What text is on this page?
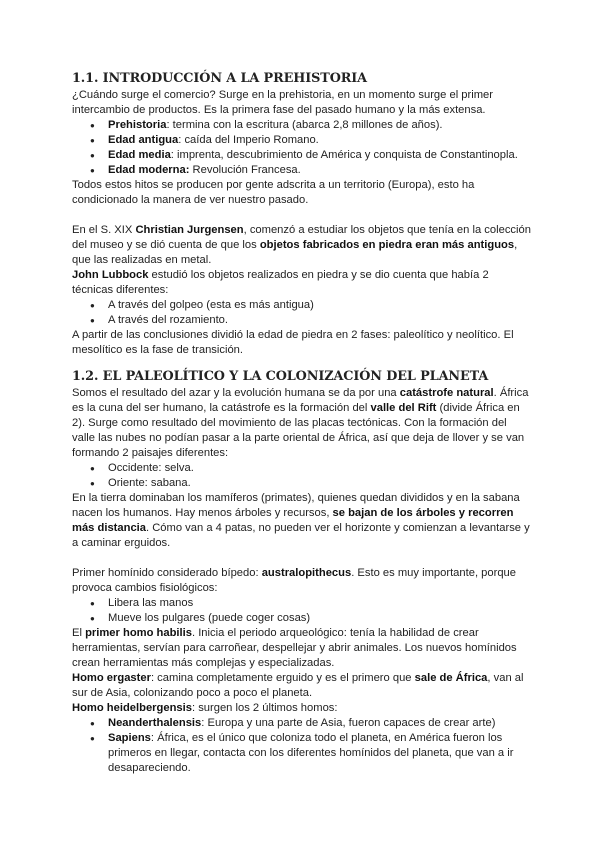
1.1. INTRODUCCIÓN A LA PREHISTORIA

¿Cuándo surge el comercio? Surge en la prehistoria, en un momento surge el primer intercambio de productos. Es la primera fase del pasado humano y la más extensa.

● Prehistoria: termina con la escritura (abarca 2,8 millones de años).
● Edad antigua: caída del Imperio Romano.
● Edad media: imprenta, descubrimiento de América y conquista de Constantinopla.
● Edad moderna: Revolución Francesa.

Todos estos hitos se producen por gente adscrita a un territorio (Europa), esto ha condicionado la manera de ver nuestro pasado.

En el S. XIX Christian Jurgensen, comenzó a estudiar los objetos que tenía en la colección del museo y se dió cuenta de que los objetos fabricados en piedra eran más antiguos, que las realizadas en metal.

John Lubbock estudió los objetos realizados en piedra y se dio cuenta que había 2 técnicas diferentes:

● A través del golpeo (esta es más antigua)
● A través del rozamiento.

A partir de las conclusiones dividió la edad de piedra en 2 fases: paleolítico y neolítico. El mesolítico es la fase de transición.

1.2. EL PALEOLÍTICO Y LA COLONIZACIÓN DEL PLANETA

Somos el resultado del azar y la evolución humana se da por una catástrofe natural. África es la cuna del ser humano, la catástrofe es la formación del valle del Rift (divide África en 2). Surge como resultado del movimiento de las placas tectónicas. Con la formación del valle las nubes no podían pasar a la parte oriental de África, así que deja de llover y se van formando 2 paisajes diferentes:

● Occidente: selva.
● Oriente: sabana.

En la tierra dominaban los mamíferos (primates), quienes quedan divididos y en la sabana nacen los humanos. Hay menos árboles y recursos, se bajan de los árboles y recorren más distancia. Cómo van a 4 patas, no pueden ver el horizonte y comienzan a levantarse y a caminar erguidos.

Primer homínido considerado bípedo: australopithecus. Esto es muy importante, porque provoca cambios fisiológicos:

● Libera las manos
● Mueve los pulgares (puede coger cosas)

El primer homo habilis. Inicia el periodo arqueológico: tenía la habilidad de crear herramientas, servían para carroñear, despellejar y abrir animales. Los nuevos homínidos crean herramientas más complejas y especializadas.

Homo ergaster: camina completamente erguido y es el primero que sale de África, van al sur de Asia, colonizando poco a poco el planeta.

Homo heidelbergensis: surgen los 2 últimos homos:

● Neanderthalensis: Europa y una parte de Asia, fueron capaces de crear arte)
● Sapiens: África, es el único que coloniza todo el planeta, en América fueron los primeros en llegar, contacta con los diferentes homínidos del planeta, que van a ir desapareciendo.
